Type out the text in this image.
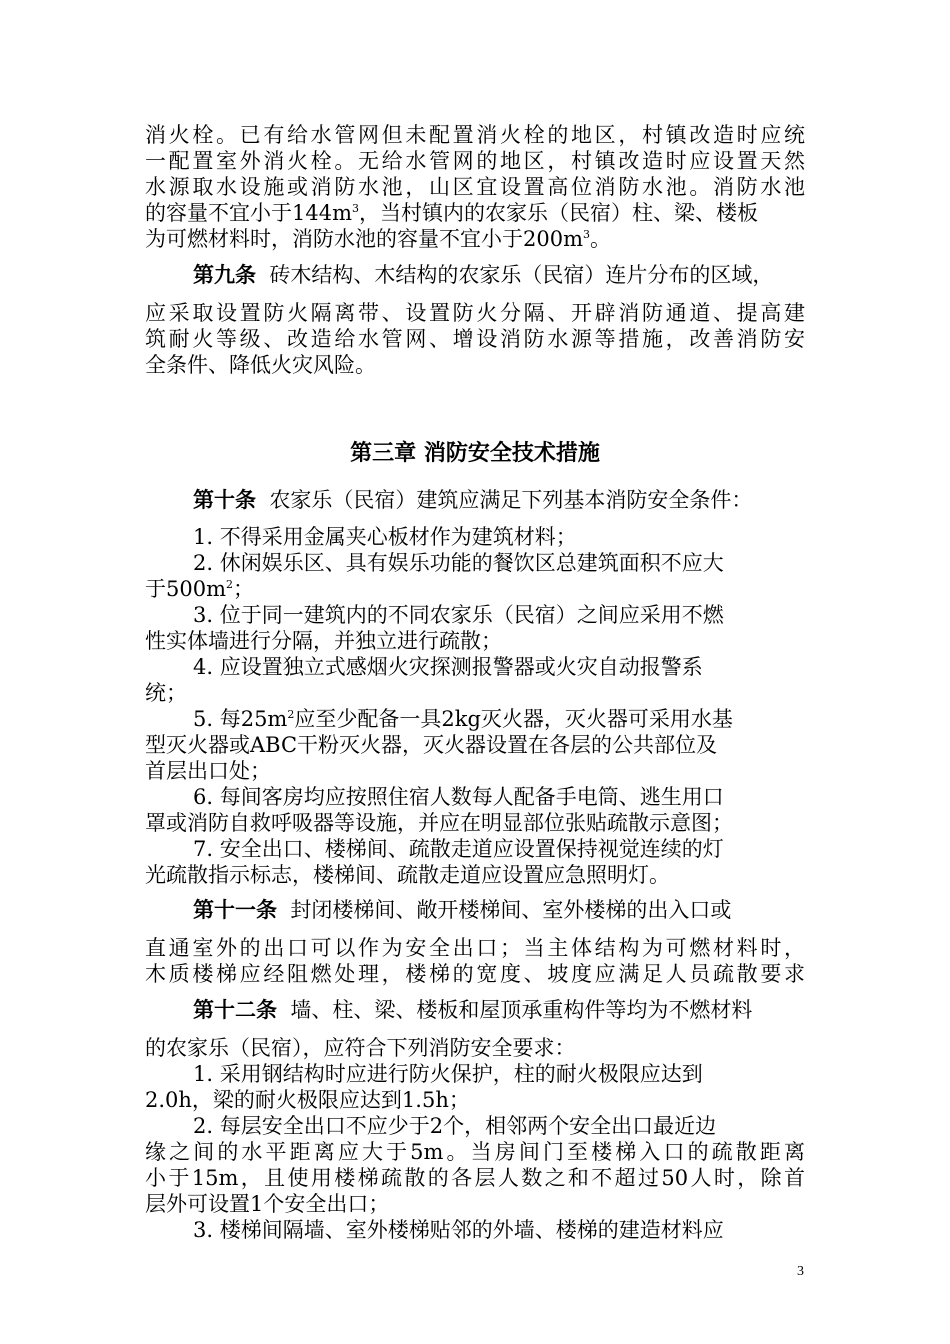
消火栓。已有给水管网但未配置消火栓的地区，村镇改造时应统
一配置室外消火栓。无给水管网的地区，村镇改造时应设置天然
水源取水设施或消防水池，山区宜设置高位消防水池。消防水池
的容量不宜小于$144m^3$，当村镇内的农家乐（民宿）柱、梁、楼板
为可燃材料时，消防水池的容量不宜小于$200m^3$。
第九条 砖木结构、木结构的农家乐（民宿）连片分布的区域，
应采取设置防火隔离带、设置防火分隔、开辟消防通道、提高建
筑耐火等级、改造给水管网、增设消防水源等措施，改善消防安
全条件、降低火灾风险。
第三章 消防安全技术措施
第十条 农家乐（民宿）建筑应满足下列基本消防安全条件：
1. 不得采用金属夹心板材作为建筑材料；
2. 休闲娱乐区、具有娱乐功能的餐饮区总建筑面积不应大
于$500m^2$；
3. 位于同一建筑内的不同农家乐（民宿）之间应采用不燃
性实体墙进行分隔，并独立进行疏散；
4. 应设置独立式感烟火灾探测报警器或火灾自动报警系
统；
5. 每$25m^2$应至少配备一具2kg灭火器，灭火器可采用水基
型灭火器或ABC干粉灭火器，灭火器设置在各层的公共部位及
首层出口处；
6. 每间客房均应按照住宿人数每人配备手电筒、逃生用口
罩或消防自救呼吸器等设施，并应在明显部位张贴疏散示意图；
7. 安全出口、楼梯间、疏散走道应设置保持视觉连续的灯
光疏散指示标志，楼梯间、疏散走道应设置应急照明灯。
第十一条 封闭楼梯间、敞开楼梯间、室外楼梯的出入口或
直通室外的出口可以作为安全出口；当主体结构为可燃材料时，
木质楼梯应经阻燃处理，楼梯的宽度、坡度应满足人员疏散要求
第十二条 墙、柱、梁、楼板和屋顶承重构件等均为不燃材料
的农家乐（民宿），应符合下列消防安全要求：
1. 采用钢结构时应进行防火保护，柱的耐火极限应达到
2.0h，梁的耐火极限应达到1.5h；
2. 每层安全出口不应少于2个，相邻两个安全出口最近边
缘之间的水平距离应大于5m。当房间门至楼梯入口的疏散距离
小于15m，且使用楼梯疏散的各层人数之和不超过50人时，除首
层外可设置1个安全出口；
3. 楼梯间隔墙、室外楼梯贴邻的外墙、楼梯的建造材料应
3
